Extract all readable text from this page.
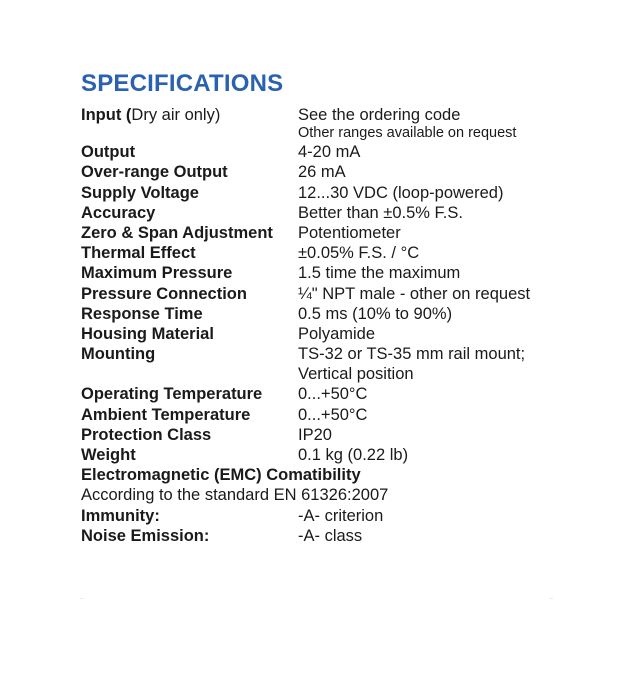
SPECIFICATIONS
Input (Dry air only)	See the ordering code
Other ranges available on request
Output	4-20 mA
Over-range Output	26 mA
Supply Voltage	12...30 VDC (loop-powered)
Accuracy	Better than ±0.5% F.S.
Zero & Span Adjustment Potentiometer
Thermal Effect	±0.05% F.S. / °C
Maximum Pressure	1.5 time the maximum
Pressure Connection	¼" NPT male - other on request
Response Time	0.5 ms (10% to 90%)
Housing Material	Polyamide
Mounting	TS-32 or TS-35 mm rail mount;
Vertical position
Operating Temperature 0...+50°C
Ambient Temperature	0...+50°C
Protection Class	IP20
Weight	0.1 kg (0.22 lb)
Electromagnetic (EMC) Comatibility
According to the standard EN 61326:2007
Immunity:	-A- criterion
Noise Emission:	-A- class
